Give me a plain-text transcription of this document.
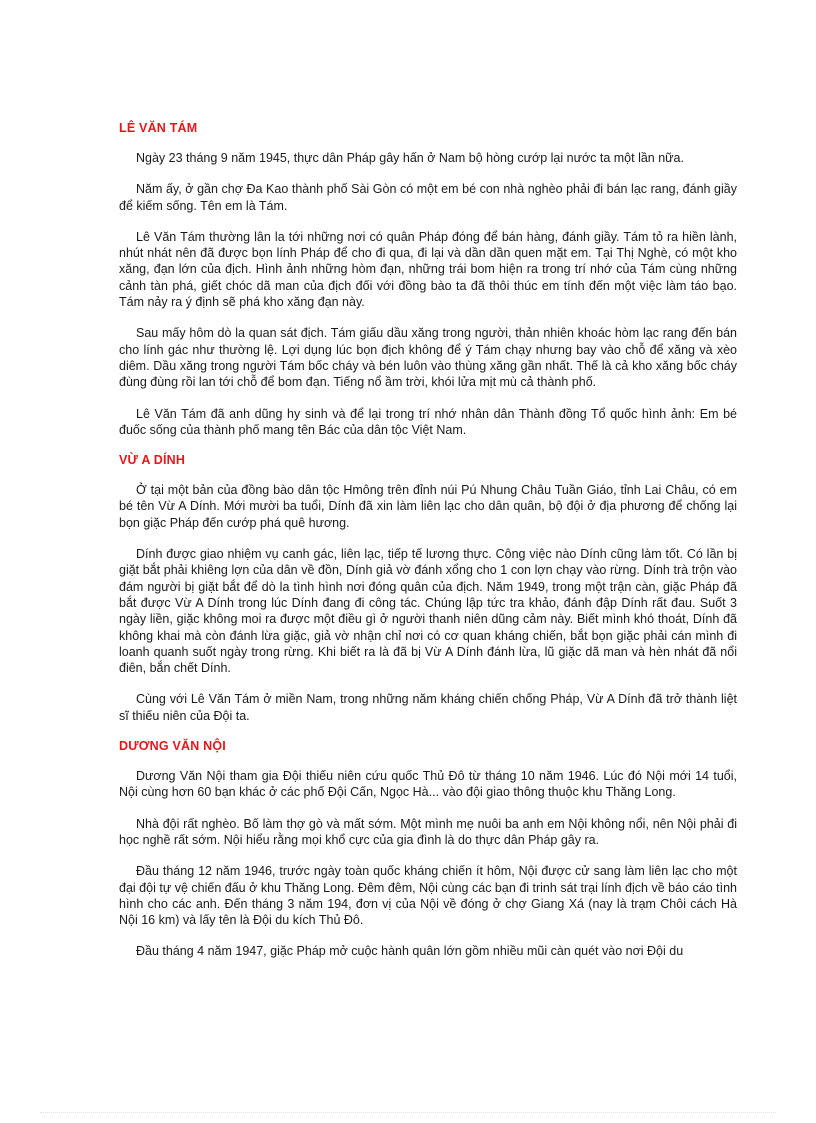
LÊ VĂN TÁM

Ngày 23 tháng 9 năm 1945, thực dân Pháp gây hấn ở Nam bộ hòng cướp lại nước ta một lần nữa.

Năm ấy, ở gần chợ Đa Kao thành phố Sài Gòn có một em bé con nhà nghèo phải đi bán lạc rang, đánh giầy để kiếm sống. Tên em là Tám.

Lê Văn Tám thường lân la tới những nơi có quân Pháp đóng để bán hàng, đánh giầy. Tám tỏ ra hiền lành, nhút nhát nên đã được bọn lính Pháp để cho đi qua, đi lại và dần dần quen mặt em. Tại Thị Nghè, có một kho xăng, đạn lớn của địch. Hình ảnh những hòm đạn, những trái bom hiện ra trong trí nhớ của Tám cùng những cảnh tàn phá, giết chóc dã man của địch đối với đồng bào ta đã thôi thúc em tính đến một việc làm táo bạo. Tám nảy ra ý định sẽ phá kho xăng đạn này.

Sau mấy hôm dò la quan sát địch. Tám giấu dầu xăng trong người, thản nhiên khoác hòm lạc rang đến bán cho lính gác như thường lệ. Lợi dụng lúc bọn địch không để ý Tám chạy nhưng bay vào chỗ để xăng và xèo diêm. Dầu xăng trong người Tám bốc cháy và bén luôn vào thùng xăng gần nhất. Thế là cả kho xăng bốc cháy đùng đùng rồi lan tới chỗ để bom đạn. Tiếng nổ ầm trời, khói lửa mịt mù cả thành phố.

Lê Văn Tám đã anh dũng hy sinh và để lại trong trí nhớ nhân dân Thành đồng Tổ quốc hình ảnh: Em bé đuốc sống của thành phố mang tên Bác của dân tộc Việt Nam.

VỪ A DÍNH

Ở tại một bản của đồng bào dân tộc Hmông trên đỉnh núi Pú Nhung Châu Tuần Giáo, tỉnh Lai Châu, có em bé tên Vừ A Dính. Mới mười ba tuổi, Dính đã xin làm liên lạc cho dân quân, bộ đội ở địa phương để chống lại bọn giặc Pháp đến cướp phá quê hương.

Dính được giao nhiệm vụ canh gác, liên lạc, tiếp tế lương thực. Công việc nào Dính cũng làm tốt. Có lần bị giặt bắt phải khiêng lợn của dân về đồn, Dính giả vờ đánh xổng cho 1 con lợn chạy vào rừng. Dính trà trộn vào đám người bị giặt bắt để dò la tình hình nơi đóng quân của địch. Năm 1949, trong một trận càn, giặc Pháp đã bắt được Vừ A Dính trong lúc Dính đang đi công tác. Chúng lập tức tra khảo, đánh đập Dính rất đau. Suốt 3 ngày liền, giặc không moi ra được một điều gì ở người thanh niên dũng cảm này. Biết mình khó thoát, Dính đã không khai mà còn đánh lừa giặc, giả vờ nhận chỉ nơi có cơ quan kháng chiến, bắt bọn giặc phải cán mình đi loanh quanh suốt ngày trong rừng. Khi biết ra là đã bị Vừ A Dính đánh lừa, lũ giặc dã man và hèn nhát đã nổi điên, bắn chết Dính.

Cùng với Lê Văn Tám ở miền Nam, trong những năm kháng chiến chống Pháp, Vừ A Dính đã trở thành liệt sĩ thiếu niên của Đội ta.

DƯƠNG VĂN NỘI

Dương Văn Nội tham gia Đội thiếu niên cứu quốc Thủ Đô từ tháng 10 năm 1946. Lúc đó Nội mới 14 tuổi, Nội cùng hơn 60 bạn khác ở các phố Đội Cấn, Ngọc Hà... vào đội giao thông thuộc khu Thăng Long.

Nhà đội rất nghèo. Bố làm thợ gò và mất sớm. Một mình mẹ nuôi ba anh em Nội không nổi, nên Nội phải đi học nghề rất sớm. Nội hiểu rằng mọi khổ cực của gia đình là do thực dân Pháp gây ra.

Đầu tháng 12 năm 1946, trước ngày toàn quốc kháng chiến ít hôm, Nội được cử sang làm liên lạc cho một đại đội tự vệ chiến đấu ở khu Thăng Long. Đêm đêm, Nội cùng các bạn đi trinh sát trại lính địch về báo cáo tình hình cho các anh. Đến tháng 3 năm 194, đơn vị của Nội về đóng ở chợ Giang Xá (nay là trạm Chôi cách Hà Nội 16 km) và lấy tên là Đội du kích Thủ Đô.

Đầu tháng 4 năm 1947, giặc Pháp mở cuộc hành quân lớn gồm nhiều mũi càn quét vào nơi Đội du
